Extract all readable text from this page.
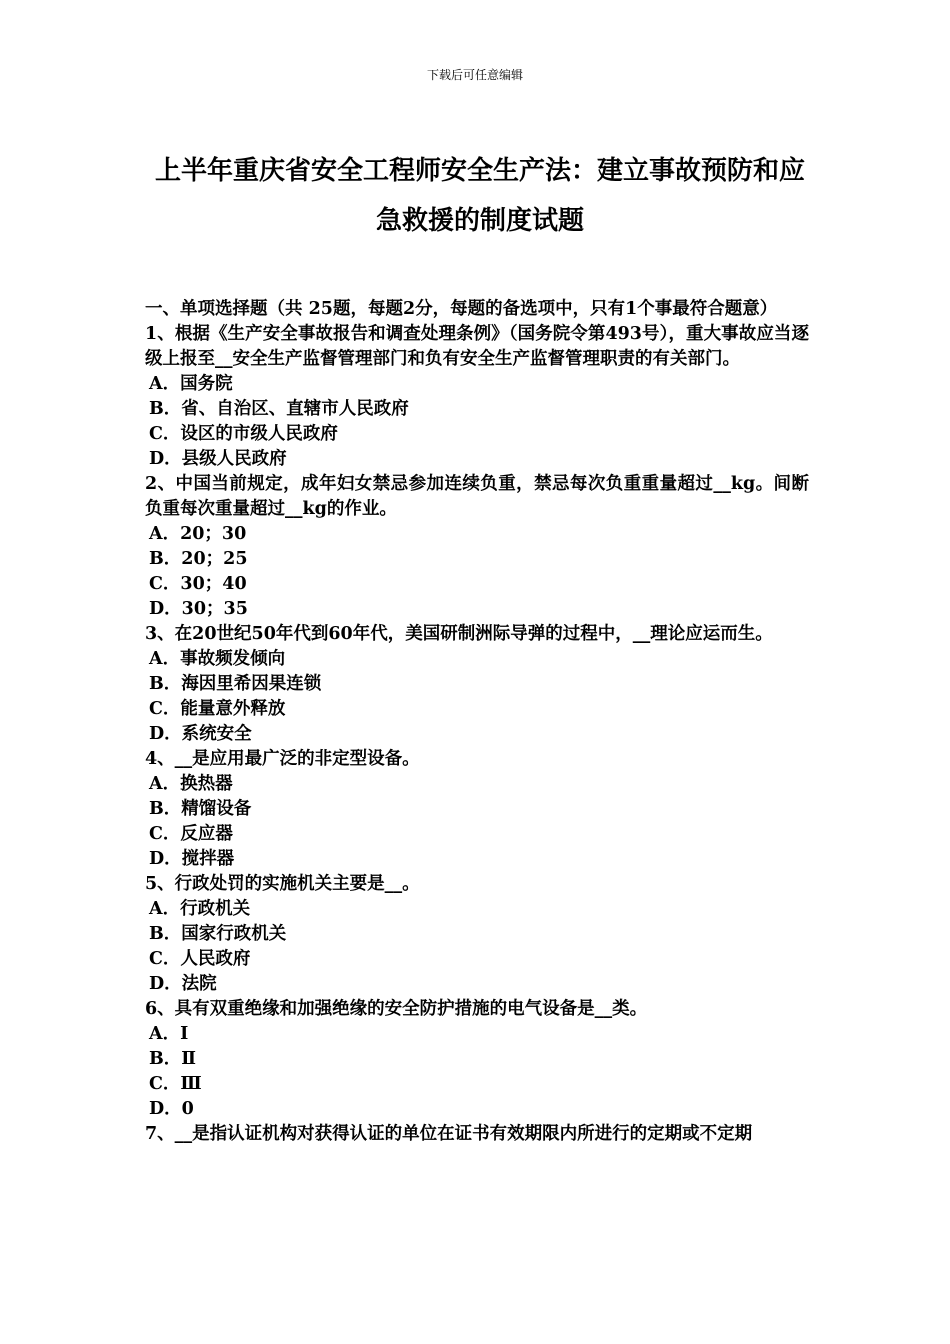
下载后可任意编辑
上半年重庆省安全工程师安全生产法：建立事故预防和应急救援的制度试题

一、单项选择题（共 25题，每题2分，每题的备选项中，只有1个事最符合题意）

1、根据《生产安全事故报告和调查处理条例》（国务院令第493号），重大事故应当逐级上报至__安全生产监督管理部门和负有安全生产监督管理职责的有关部门。

A．国务院

B．省、自治区、直辖市人民政府

C．设区的市级人民政府

D．县级人民政府

2、中国当前规定，成年妇女禁忌参加连续负重，禁忌每次负重重量超过__kg。间断负重每次重量超过__kg的作业。

A．20；30

B．20；25

C．30；40

D．30；35

3、在20世纪50年代到60年代，美国研制洲际导弹的过程中，__理论应运而生。

A．事故频发倾向

B．海因里希因果连锁

C．能量意外释放

D．系统安全

4、__是应用最广泛的非定型设备。

A．换热器

B．精馏设备

C．反应器

D．搅拌器

5、行政处罚的实施机关主要是__。

A．行政机关

B．国家行政机关

C．人民政府

D．法院

6、具有双重绝缘和加强绝缘的安全防护措施的电气设备是__类。

A．Ⅰ

B．Ⅱ

C．Ⅲ

D．0

7、__是指认证机构对获得认证的单位在证书有效期限内所进行的定期或不定期
